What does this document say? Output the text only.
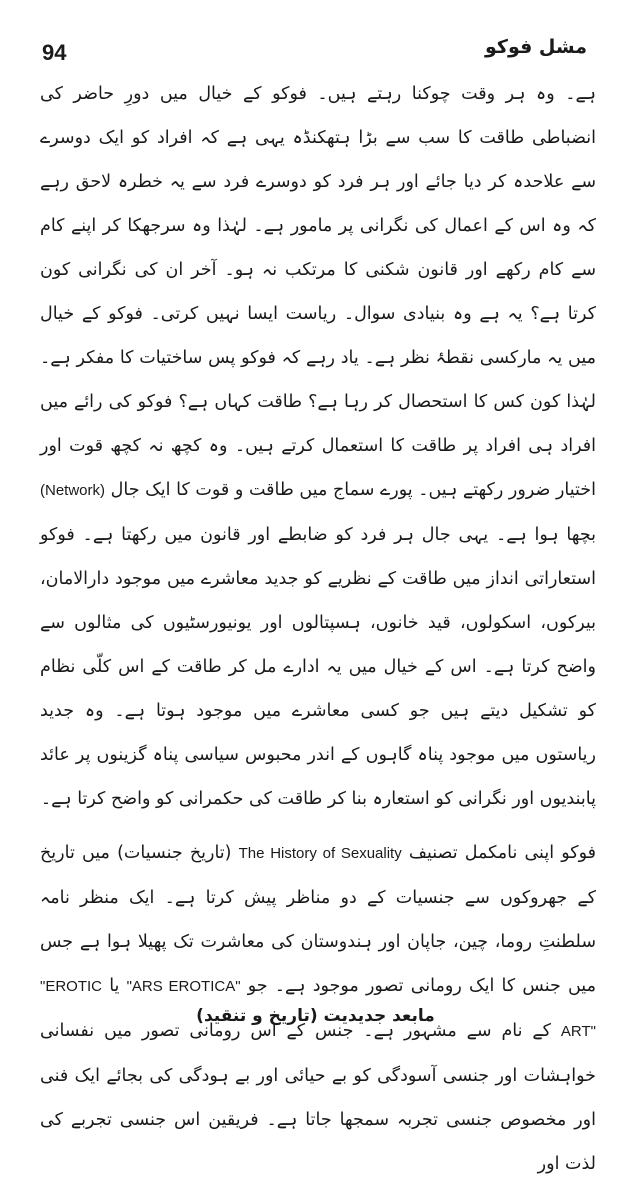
94	مشل فوکو

ہے۔ وہ ہر وقت چوکنا رہتے ہیں۔ فوکو کے خیال میں دورِ حاضر کی انضباطی طاقت کا سب سے بڑا ہتھکنڈہ یہی ہے کہ افراد کو ایک دوسرے سے علاحدہ کر دیا جائے اور ہر فرد کو دوسرے فرد سے یہ خطرہ لاحق رہے کہ وہ اس کے اعمال کی نگرانی پر مامور ہے۔ لہٰذا وہ سرجھکا کر اپنے کام سے کام رکھے اور قانون شکنی کا مرتکب نہ ہو۔ آخر ان کی نگرانی کون کرتا ہے؟ یہ ہے وہ بنیادی سوال۔ ریاست ایسا نہیں کرتی۔ فوکو کے خیال میں یہ مارکسی نقطۂ نظر ہے۔ یاد رہے کہ فوکو پس ساختیات کا مفکر ہے۔ لہٰذا کون کس کا استحصال کر رہا ہے؟ طاقت کہاں ہے؟ فوکو کی رائے میں افراد ہی افراد پر طاقت کا استعمال کرتے ہیں۔ وہ کچھ نہ کچھ قوت اور اختیار ضرور رکھتے ہیں۔ پورے سماج میں طاقت و قوت کا ایک جال (Network) بچھا ہوا ہے۔ یہی جال ہر فرد کو ضابطے اور قانون میں رکھتا ہے۔ فوکو استعاراتی انداز میں طاقت کے نظریے کو جدید معاشرے میں موجود دارالامان، بیرکوں، اسکولوں، قید خانوں، ہسپتالوں اور یونیورسٹیوں کی مثالوں سے واضح کرتا ہے۔ اس کے خیال میں یہ ادارے مل کر طاقت کے اس کلّی نظام کو تشکیل دیتے ہیں جو کسی معاشرے میں موجود ہوتا ہے۔ وہ جدید ریاستوں میں موجود پناہ گاہوں کے اندر محبوس سیاسی پناہ گزینوں پر عائد پابندیوں اور نگرانی کو استعارہ بنا کر طاقت کی حکمرانی کو واضح کرتا ہے۔

فوکو اپنی نامکمل تصنیف The History of Sexuality (تاریخ جنسیات) میں تاریخ کے جھروکوں سے جنسیات کے دو مناظر پیش کرتا ہے۔ ایک منظر نامہ سلطنتِ روما، چین، جاپان اور ہندوستان کی معاشرت تک پھیلا ہوا ہے جس میں جنس کا ایک رومانی تصور موجود ہے۔ جو "ARS EROTICA" یا "EROTIC ART" کے نام سے مشہور ہے۔ جنس کے اس رومانی تصور میں نفسانی خواہشات اور جنسی آسودگی کو بے حیائی اور بے ہودگی کی بجائے ایک فنی اور مخصوص جنسی تجربہ سمجھا جاتا ہے۔ فریقین اس جنسی تجربے کی لذت اور

مابعد جدیدیت (تاریخ و تنقید)
